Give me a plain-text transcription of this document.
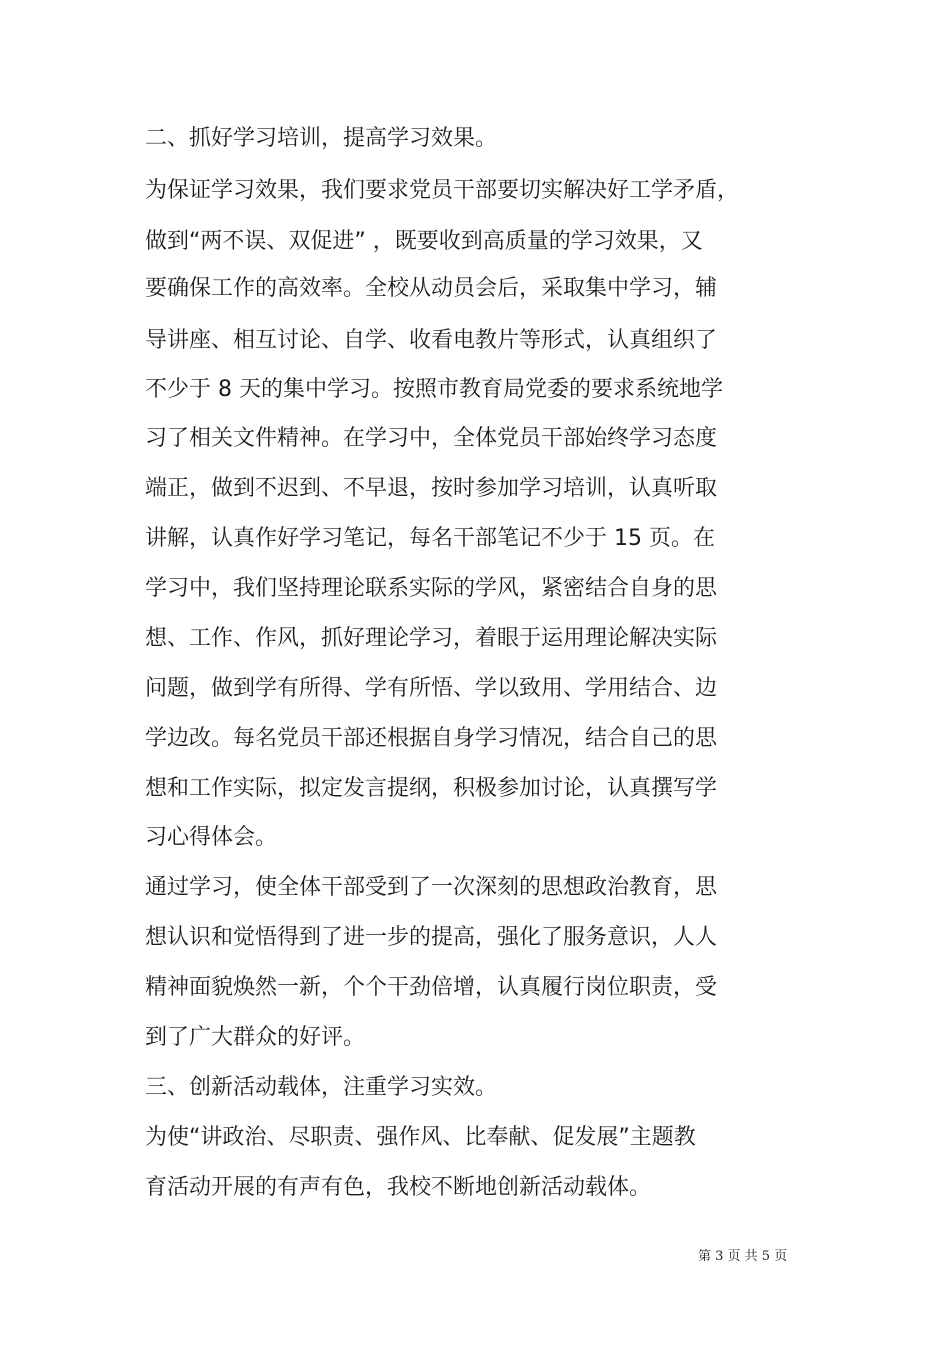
二、抓好学习培训，提高学习效果。

为保证学习效果，我们要求党员干部要切实解决好工学矛盾，

做到“两不误、双促进” ，既要收到高质量的学习效果，又

要确保工作的高效率。全校从动员会后，采取集中学习，辅

导讲座、相互讨论、自学、收看电教片等形式，认真组织了

不少于 8 天的集中学习。按照市教育局党委的要求系统地学

习了相关文件精神。在学习中，全体党员干部始终学习态度

端正，做到不迟到、不早退，按时参加学习培训，认真听取

讲解，认真作好学习笔记，每名干部笔记不少于 15 页。在

学习中，我们坚持理论联系实际的学风，紧密结合自身的思

想、工作、作风，抓好理论学习，着眼于运用理论解决实际

问题，做到学有所得、学有所悟、学以致用、学用结合、边

学边改。每名党员干部还根据自身学习情况，结合自己的思

想和工作实际，拟定发言提纲，积极参加讨论，认真撰写学

习心得体会。

通过学习，使全体干部受到了一次深刻的思想政治教育，思

想认识和觉悟得到了进一步的提高，强化了服务意识，人人

精神面貌焕然一新，个个干劲倍增，认真履行岗位职责，受

到了广大群众的好评。

三、创新活动载体，注重学习实效。

为使“讲政治、尽职责、强作风、比奉献、促发展”主题教

育活动开展的有声有色，我校不断地创新活动载体。

第 3 页 共 5 页
